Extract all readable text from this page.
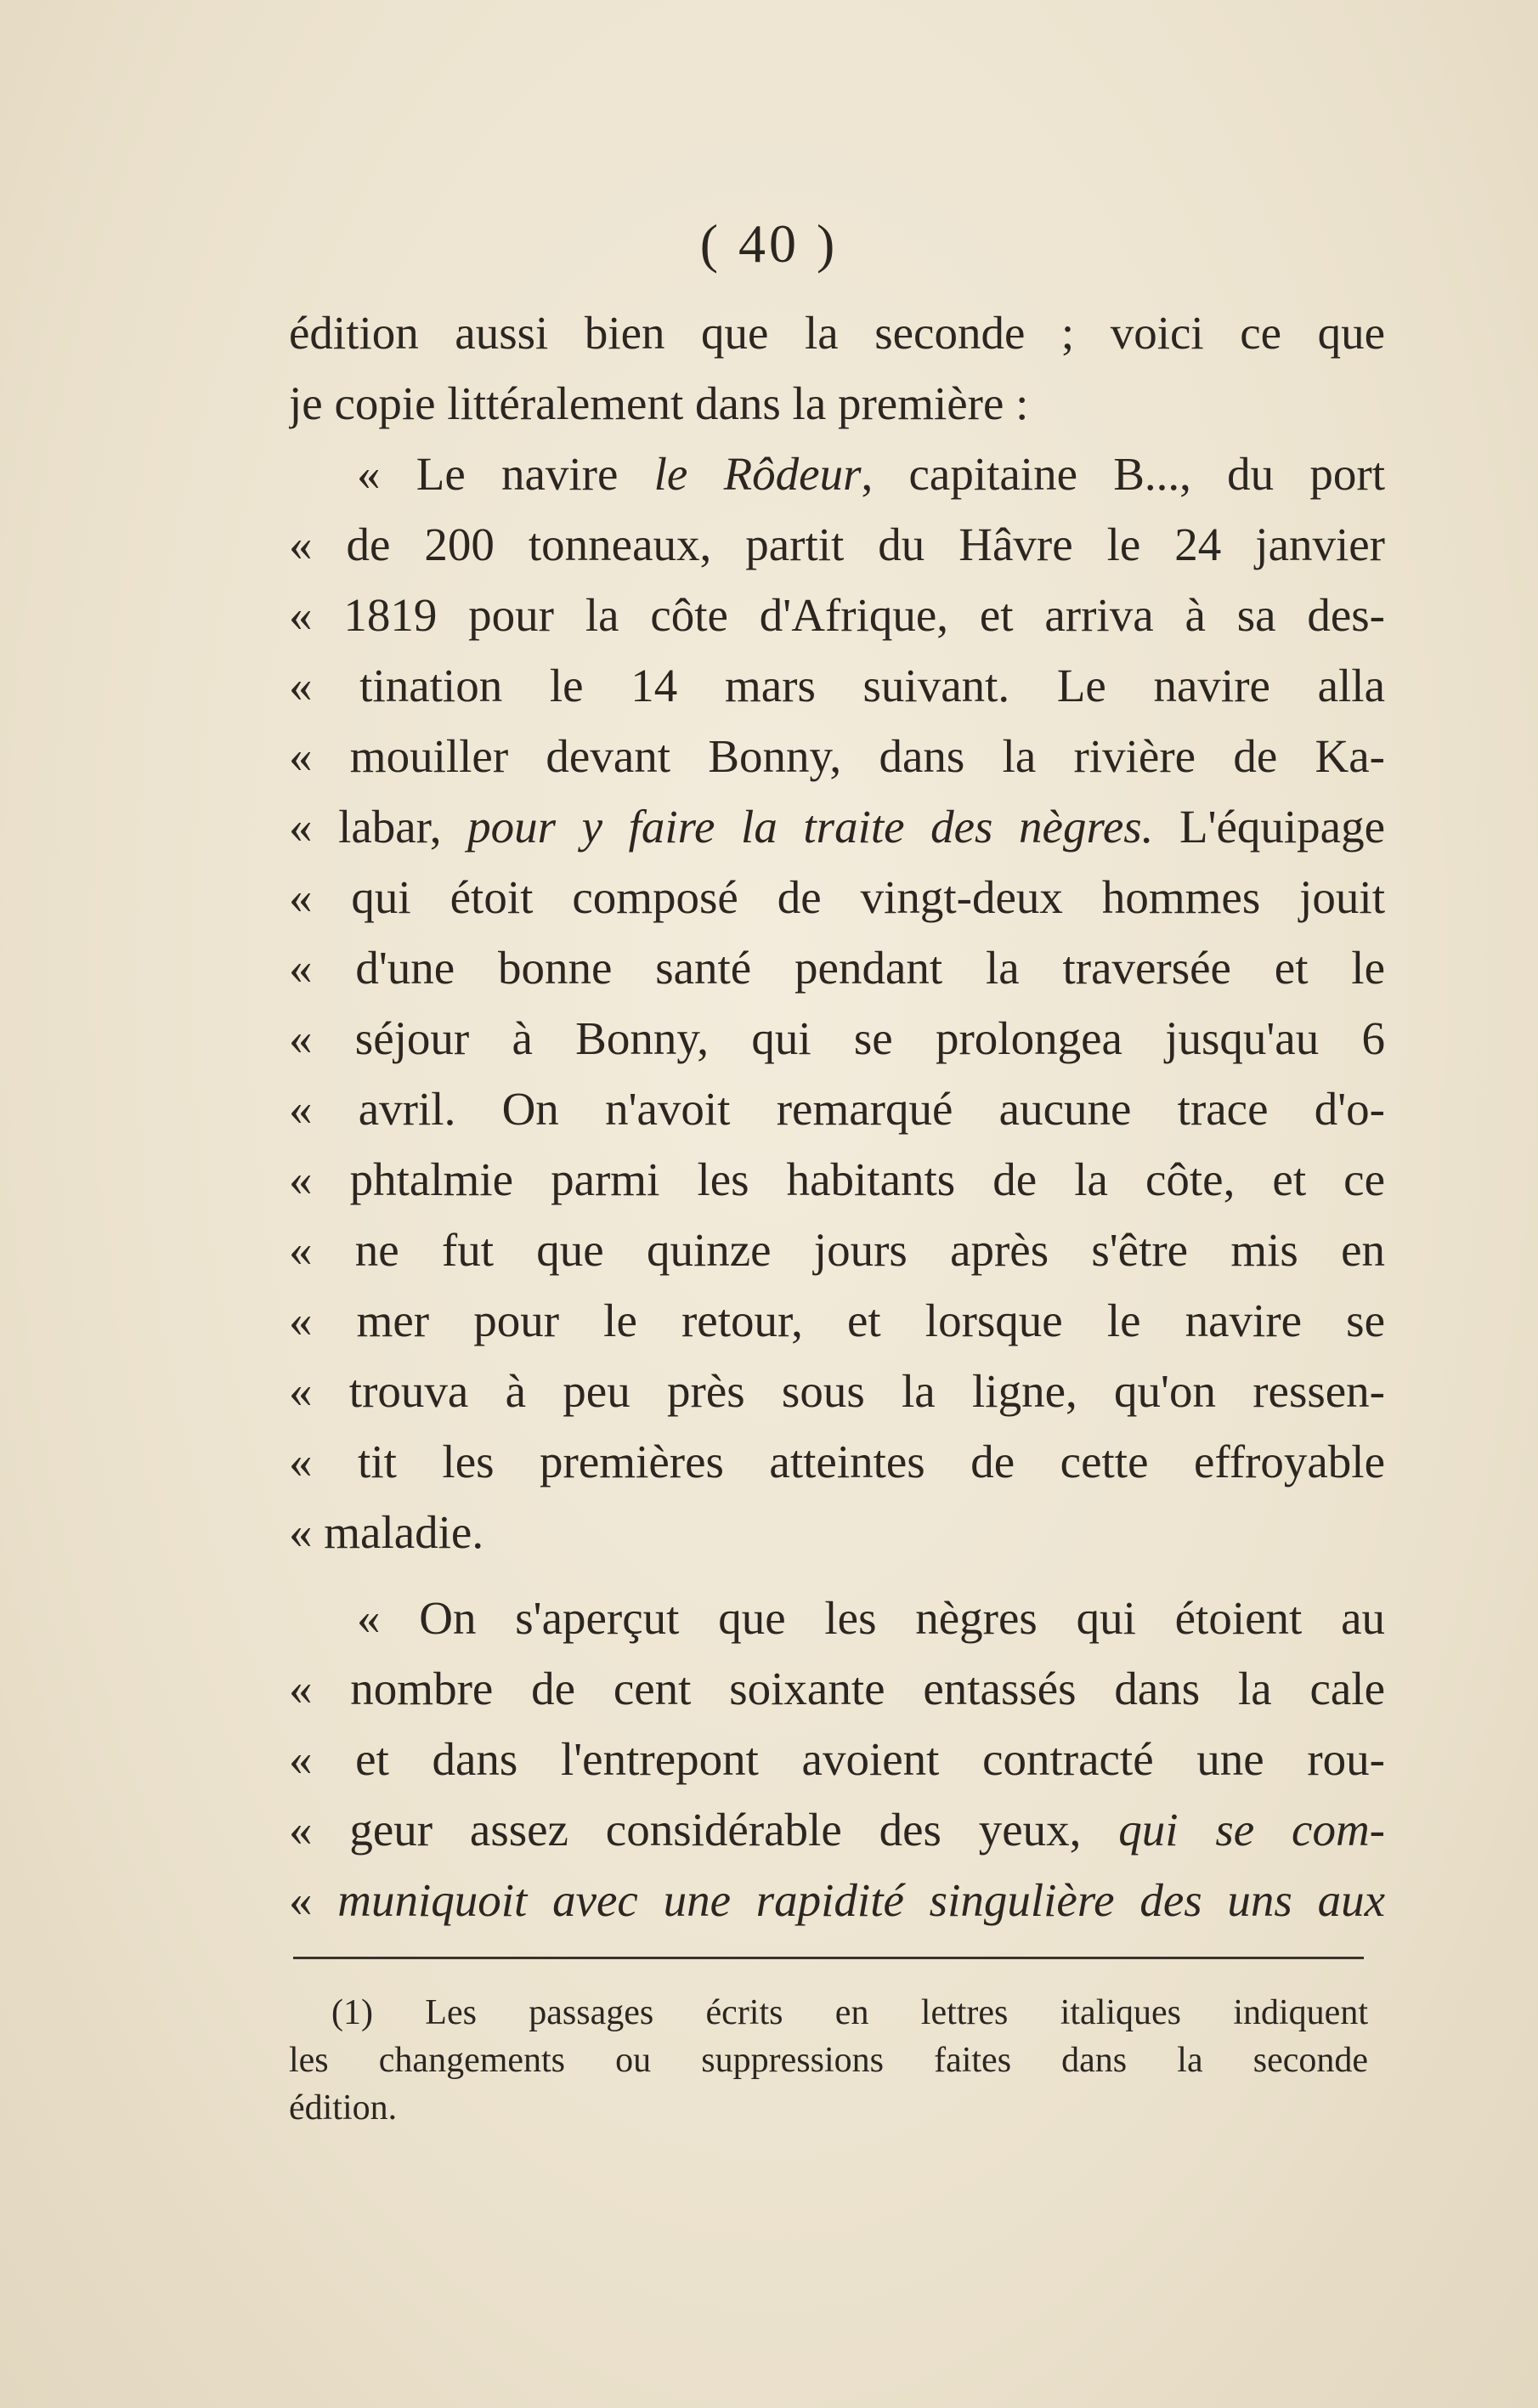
( 40 )
édition aussi bien que la seconde ; voici ce que
je copie littéralement dans la première :
« Le navire le Rôdeur, capitaine B..., du port
« de 200 tonneaux, partit du Hâvre le 24 janvier
« 1819 pour la côte d'Afrique, et arriva à sa des-
« tination le 14 mars suivant. Le navire alla
« mouiller devant Bonny, dans la rivière de Ka-
« labar, pour y faire la traite des nègres. L'équipage
« qui étoit composé de vingt-deux hommes jouit
« d'une bonne santé pendant la traversée et le
« séjour à Bonny, qui se prolongea jusqu'au 6
« avril. On n'avoit remarqué aucune trace d'o-
« phtalmie parmi les habitants de la côte, et ce
« ne fut que quinze jours après s'être mis en
« mer pour le retour, et lorsque le navire se
« trouva à peu près sous la ligne, qu'on ressen-
« tit les premières atteintes de cette effroyable
« maladie.
« On s'aperçut que les nègres qui étoient au
« nombre de cent soixante entassés dans la cale
« et dans l'entrepont avoient contracté une rou-
« geur assez considérable des yeux, qui se com-
« muniquoit avec une rapidité singulière des uns aux
(1) Les passages écrits en lettres italiques indiquent
les changements ou suppressions faites dans la seconde
édition.
